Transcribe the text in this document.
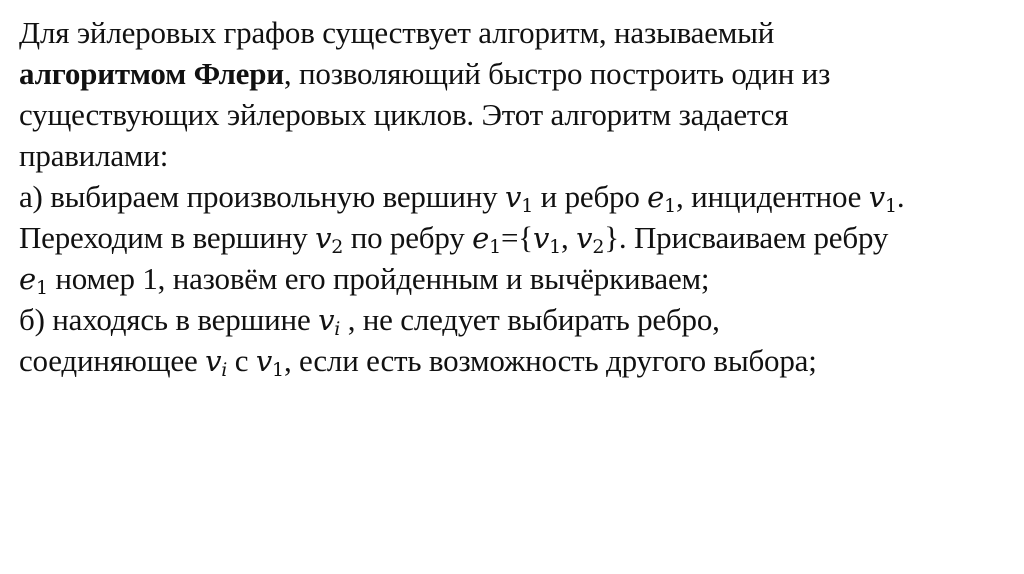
Для эйлеровых графов существует алгоритм, называемый
алгоритмом Флери, позволяющий быстро построить один из
существующих эйлеровых циклов. Этот алгоритм задается
правилами:
а) выбираем произвольную вершину $v_1$ и ребро $e_1$, инцидентное $v_1$.
Переходим в вершину $v_2$ по ребру $e_1=\{v_1$, $v_2$}. Присваиваем ребру
$e_1$ номер 1, назовём его пройденным и вычёркиваем;
б) находясь в вершине vi , не следует выбирать ребро,
соединяющее vi с $v_1$, если есть возможность другого выбора;
